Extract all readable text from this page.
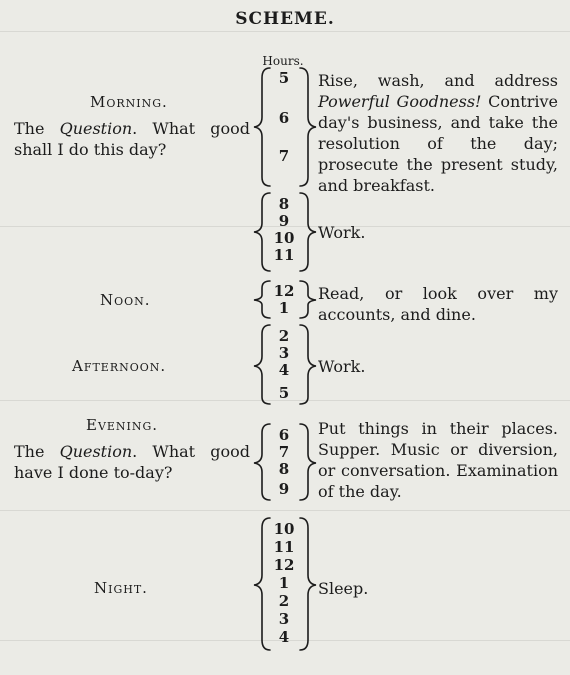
SCHEME.
Hours.
Morning.
The Question. What good shall I do this day?
5
6
7
Rise, wash, and address Powerful Goodness! Contrive day's business, and take the resolution of the day; prosecute the present study, and breakfast.
8
9
10
11
Work.
Noon.	12
1
Read, or look over my accounts, and dine.
Afternoon.
2
3
4
5
Work.
Evening.
The Question. What good have I done to-day?
6
7
8
9
Put things in their places. Supper. Music or diversion, or conversation. Examination of the day.
Night.
10
11
12
1
2
3
4
Sleep.
